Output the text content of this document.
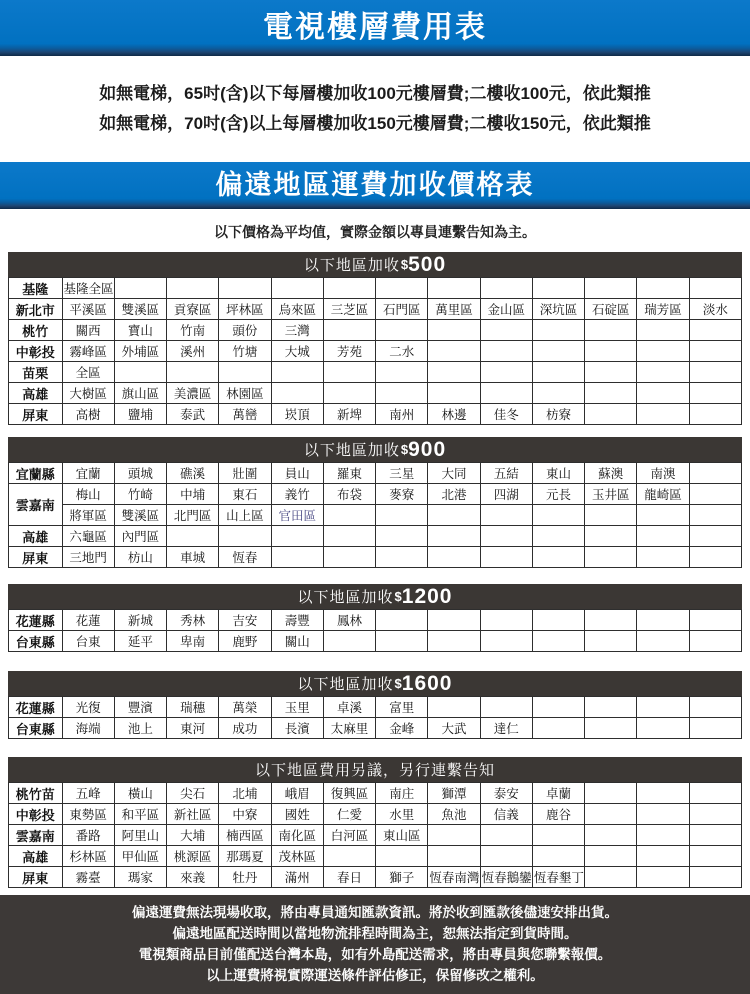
電視樓層費用表
如無電梯，65吋(含)以下每層樓加收100元樓層費;二樓收100元，依此類推
如無電梯，70吋(含)以上每層樓加收150元樓層費;二樓收150元，依此類推
偏遠地區運費加收價格表
以下價格為平均值，實際金額以專員連繫告知為主。
以下地區加收 $ 500
基隆	基隆全區												
新北市	平溪區	雙溪區	貢寮區	坪林區	烏來區	三芝區	石門區	萬里區	金山區	深坑區	石碇區	瑞芳區	淡水
桃竹	關西	寶山	竹南	頭份	三灣								
中彰投	霧峰區	外埔區	溪州	竹塘	大城	芳苑	二水						
苗栗	全區												
高雄	大樹區	旗山區	美濃區	林園區									
屏東	高樹	鹽埔	泰武	萬巒	崁頂	新埤	南州	林邊	佳冬	枋寮			
以下地區加收 $ 900
宜蘭縣	宜蘭	頭城	礁溪	壯圍	員山	羅東	三星	大同	五結	東山	蘇澳	南澳	
雲嘉南	梅山	竹崎	中埔	東石	義竹	布袋	麥寮	北港	四湖	元長	玉井區	龍崎區	
	將軍區	雙溪區	北門區	山上區	官田區								
高雄	六龜區	內門區											
屏東	三地門	枋山	車城	恆春									
以下地區加收 $ 1200
花蓮縣	花蓮	新城	秀林	吉安	壽豐	鳳林							
台東縣	台東	延平	卑南	鹿野	關山								
以下地區加收 $ 1600
花蓮縣	光復	豐濱	瑞穗	萬榮	玉里	卓溪	富里						
台東縣	海端	池上	東河	成功	長濱	太麻里	金峰	大武	達仁				
以下地區費用另議，另行連繫告知
桃竹苗	五峰	橫山	尖石	北埔	峨眉	復興區	南庄	獅潭	泰安	卓蘭			
中彰投	東勢區	和平區	新社區	中寮	國姓	仁愛	水里	魚池	信義	鹿谷			
雲嘉南	番路	阿里山	大埔	楠西區	南化區	白河區	東山區						
高雄	杉林區	甲仙區	桃源區	那瑪夏	茂林區								
屏東	霧臺	瑪家	來義	牡丹	滿州	春日	獅子	恆春南灣	恆春鵝鑾	恆春墾丁			
偏遠運費無法現場收取，將由專員通知匯款資訊。將於收到匯款後儘速安排出貨。
偏遠地區配送時間以當地物流排程時間為主，恕無法指定到貨時間。
電視類商品目前僅配送台灣本島，如有外島配送需求，將由專員與您聯繫報價。
以上運費將視實際運送條件評估修正，保留修改之權利。
